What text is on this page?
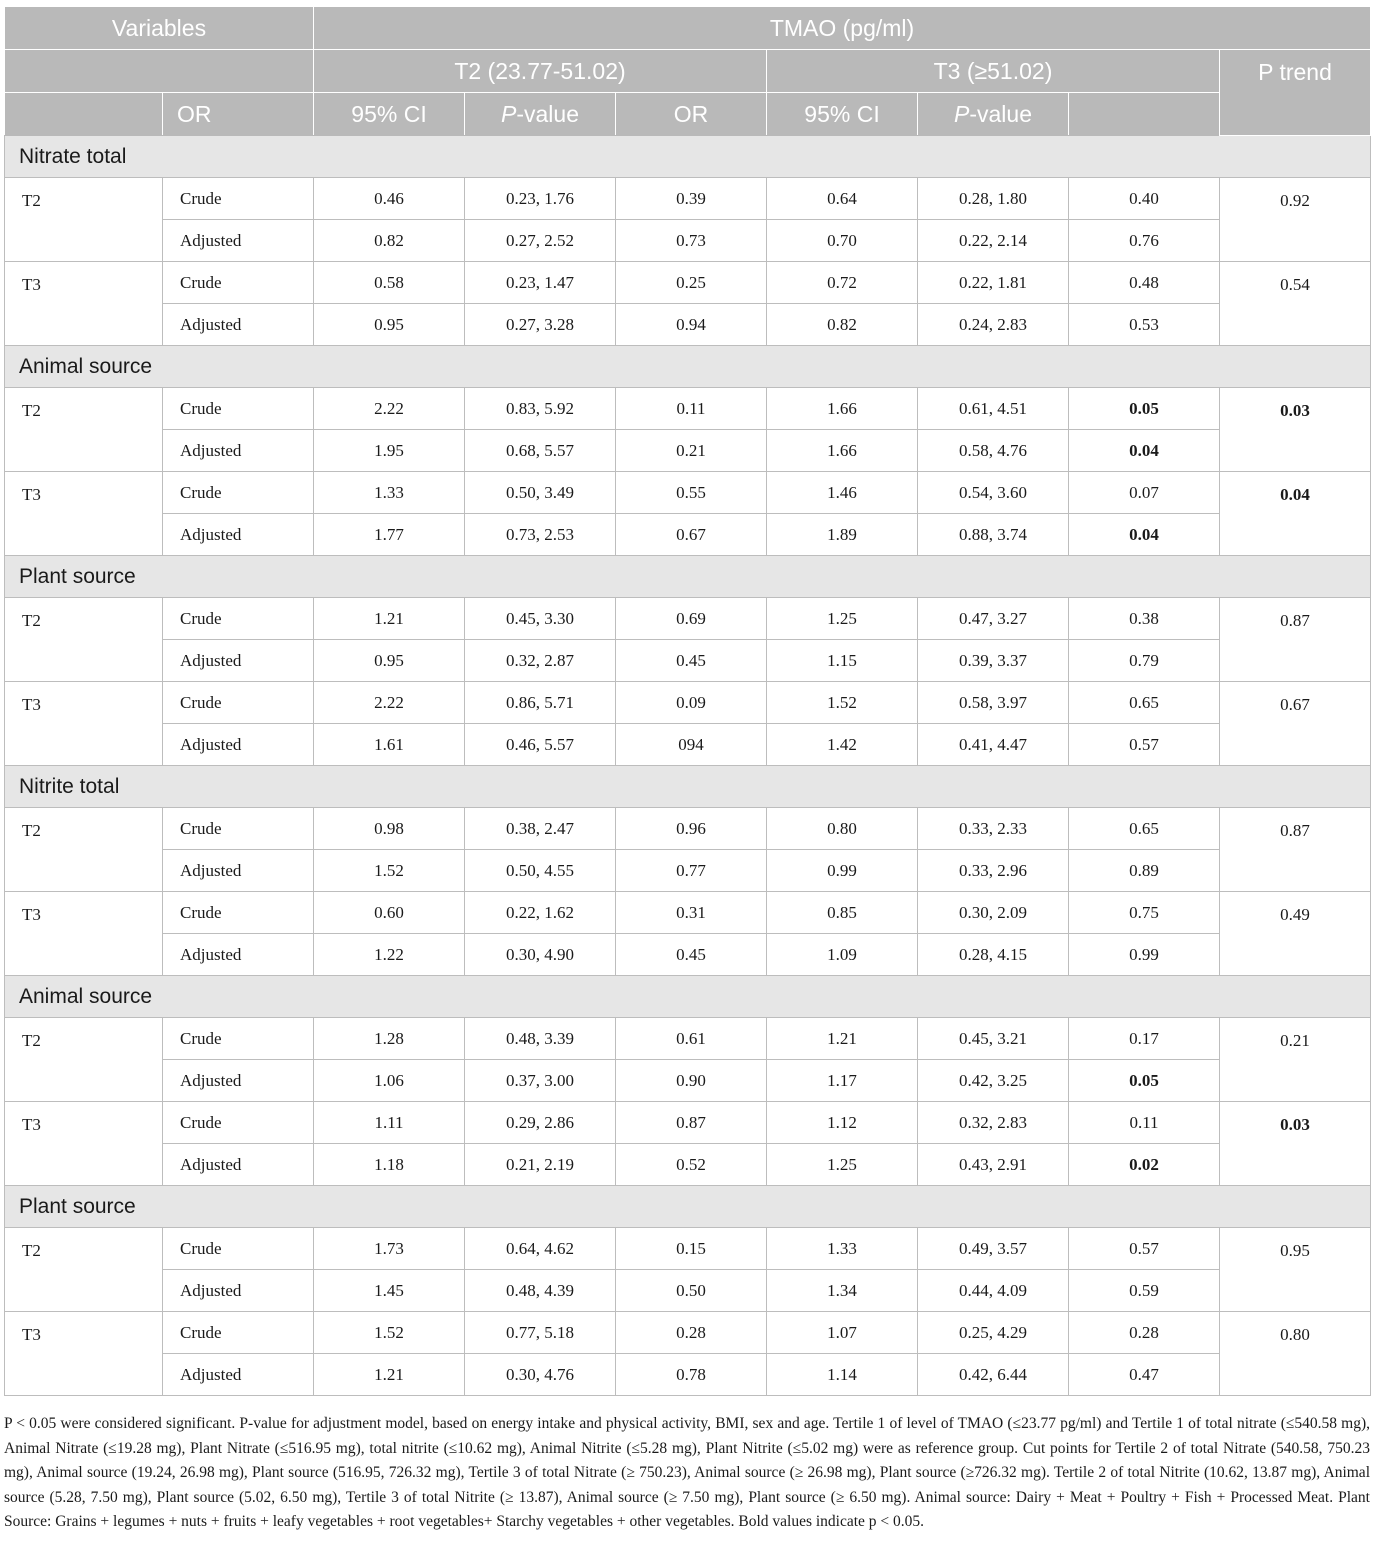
Variables		TMAO (pg/ml)						
		T2 (23.77-51.02)			T3 (≥51.02)			P trend
	OR	95% CI	P-value	OR	95% CI	P-value		
Nitrate total								
T2	Crude	0.46	0.23, 1.76	0.39	0.64	0.28, 1.80	0.40	0.92
	Adjusted	0.82	0.27, 2.52	0.73	0.70	0.22, 2.14	0.76	
T3	Crude	0.58	0.23, 1.47	0.25	0.72	0.22, 1.81	0.48	0.54
	Adjusted	0.95	0.27, 3.28	0.94	0.82	0.24, 2.83	0.53	
Animal source								
T2	Crude	2.22	0.83, 5.92	0.11	1.66	0.61, 4.51	0.05	0.03
	Adjusted	1.95	0.68, 5.57	0.21	1.66	0.58, 4.76	0.04	
T3	Crude	1.33	0.50, 3.49	0.55	1.46	0.54, 3.60	0.07	0.04
	Adjusted	1.77	0.73, 2.53	0.67	1.89	0.88, 3.74	0.04	
Plant source								
T2	Crude	1.21	0.45, 3.30	0.69	1.25	0.47, 3.27	0.38	0.87
	Adjusted	0.95	0.32, 2.87	0.45	1.15	0.39, 3.37	0.79	
T3	Crude	2.22	0.86, 5.71	0.09	1.52	0.58, 3.97	0.65	0.67
	Adjusted	1.61	0.46, 5.57	094	1.42	0.41, 4.47	0.57	
Nitrite total								
T2	Crude	0.98	0.38, 2.47	0.96	0.80	0.33, 2.33	0.65	0.87
	Adjusted	1.52	0.50, 4.55	0.77	0.99	0.33, 2.96	0.89	
T3	Crude	0.60	0.22, 1.62	0.31	0.85	0.30, 2.09	0.75	0.49
	Adjusted	1.22	0.30, 4.90	0.45	1.09	0.28, 4.15	0.99	
Animal source								
T2	Crude	1.28	0.48, 3.39	0.61	1.21	0.45, 3.21	0.17	0.21
	Adjusted	1.06	0.37, 3.00	0.90	1.17	0.42, 3.25	0.05	
T3	Crude	1.11	0.29, 2.86	0.87	1.12	0.32, 2.83	0.11	0.03
	Adjusted	1.18	0.21, 2.19	0.52	1.25	0.43, 2.91	0.02	
Plant source								
T2	Crude	1.73	0.64, 4.62	0.15	1.33	0.49, 3.57	0.57	0.95
	Adjusted	1.45	0.48, 4.39	0.50	1.34	0.44, 4.09	0.59	
T3	Crude	1.52	0.77, 5.18	0.28	1.07	0.25, 4.29	0.28	0.80
	Adjusted	1.21	0.30, 4.76	0.78	1.14	0.42, 6.44	0.47	
P < 0.05 were considered significant. P-value for adjustment model, based on energy intake and physical activity, BMI, sex and age. Tertile 1 of level of TMAO (≤23.77 pg/ml) and Tertile 1 of total nitrate (≤540.58 mg), Animal Nitrate (≤19.28 mg), Plant Nitrate (≤516.95 mg), total nitrite (≤10.62 mg), Animal Nitrite (≤5.28 mg), Plant Nitrite (≤5.02 mg) were as reference group. Cut points for Tertile 2 of total Nitrate (540.58, 750.23 mg), Animal source (19.24, 26.98 mg), Plant source (516.95, 726.32 mg), Tertile 3 of total Nitrate (≥ 750.23), Animal source (≥ 26.98 mg), Plant source (≥726.32 mg). Tertile 2 of total Nitrite (10.62, 13.87 mg), Animal source (5.28, 7.50 mg), Plant source (5.02, 6.50 mg), Tertile 3 of total Nitrite (≥ 13.87), Animal source (≥ 7.50 mg), Plant source (≥ 6.50 mg). Animal source: Dairy + Meat + Poultry + Fish + Processed Meat. Plant Source: Grains + legumes + nuts + fruits + leafy vegetables + root vegetables+ Starchy vegetables + other vegetables. Bold values indicate p < 0.05.
